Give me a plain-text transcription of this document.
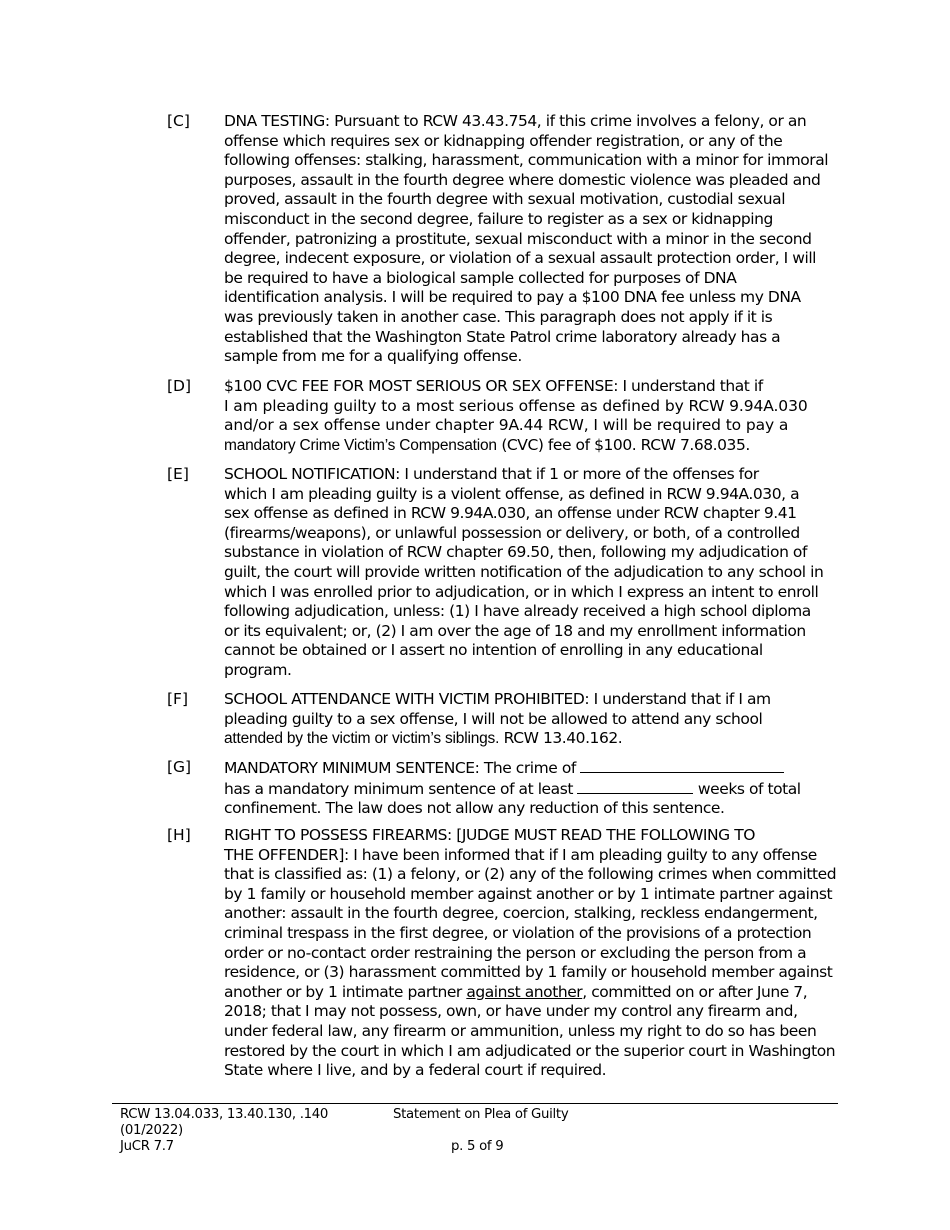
[C] DNA TESTING: Pursuant to RCW 43.43.754, if this crime involves a felony, or an
offense which requires sex or kidnapping offender registration, or any of the
following offenses: stalking, harassment, communication with a minor for immoral
purposes, assault in the fourth degree where domestic violence was pleaded and
proved, assault in the fourth degree with sexual motivation, custodial sexual
misconduct in the second degree, failure to register as a sex or kidnapping
offender, patronizing a prostitute, sexual misconduct with a minor in the second
degree, indecent exposure, or violation of a sexual assault protection order, I will
be required to have a biological sample collected for purposes of DNA
identification analysis. I will be required to pay a $100 DNA fee unless my DNA
was previously taken in another case. This paragraph does not apply if it is
established that the Washington State Patrol crime laboratory already has a
sample from me for a qualifying offense.
[D] $100 CVC FEE FOR MOST SERIOUS OR SEX OFFENSE: I understand that if
I am pleading guilty to a most serious offense as defined by RCW 9.94A.030
and/or a sex offense under chapter 9A.44 RCW, I will be required to pay a
mandatory Crime Victim’s Compensation (CVC) fee of $100. RCW 7.68.035.
[E] SCHOOL NOTIFICATION: I understand that if 1 or more of the offenses for
which I am pleading guilty is a violent offense, as defined in RCW 9.94A.030, a
sex offense as defined in RCW 9.94A.030, an offense under RCW chapter 9.41
(firearms/weapons), or unlawful possession or delivery, or both, of a controlled
substance in violation of RCW chapter 69.50, then, following my adjudication of
guilt, the court will provide written notification of the adjudication to any school in
which I was enrolled prior to adjudication, or in which I express an intent to enroll
following adjudication, unless: (1) I have already received a high school diploma
or its equivalent; or, (2) I am over the age of 18 and my enrollment information
cannot be obtained or I assert no intention of enrolling in any educational
program.
[F] SCHOOL ATTENDANCE WITH VICTIM PROHIBITED: I understand that if I am
pleading guilty to a sex offense, I will not be allowed to attend any school
attended by the victim or victim’s siblings. RCW 13.40.162.
[G] MANDATORY MINIMUM SENTENCE: The crime of
has a mandatory minimum sentence of at least	weeks of total
confinement. The law does not allow any reduction of this sentence.
[H] RIGHT TO POSSESS FIREARMS: [JUDGE MUST READ THE FOLLOWING TO
THE OFFENDER]: I have been informed that if I am pleading guilty to any offense
that is classified as: (1) a felony, or (2) any of the following crimes when committed
by 1 family or household member against another or by 1 intimate partner against
another: assault in the fourth degree, coercion, stalking, reckless endangerment,
criminal trespass in the first degree, or violation of the provisions of a protection
order or no-contact order restraining the person or excluding the person from a
residence, or (3) harassment committed by 1 family or household member against
another or by 1 intimate partner against another, committed on or after June 7,
2018; that I may not possess, own, or have under my control any firearm and,
under federal law, any firearm or ammunition, unless my right to do so has been
restored by the court in which I am adjudicated or the superior court in Washington
State where I live, and by a federal court if required.
RCW 13.04.033, 13.40.130, .140
(01/2022)
JuCR 7.7
Statement on Plea of Guilty
p. 5 of 9
